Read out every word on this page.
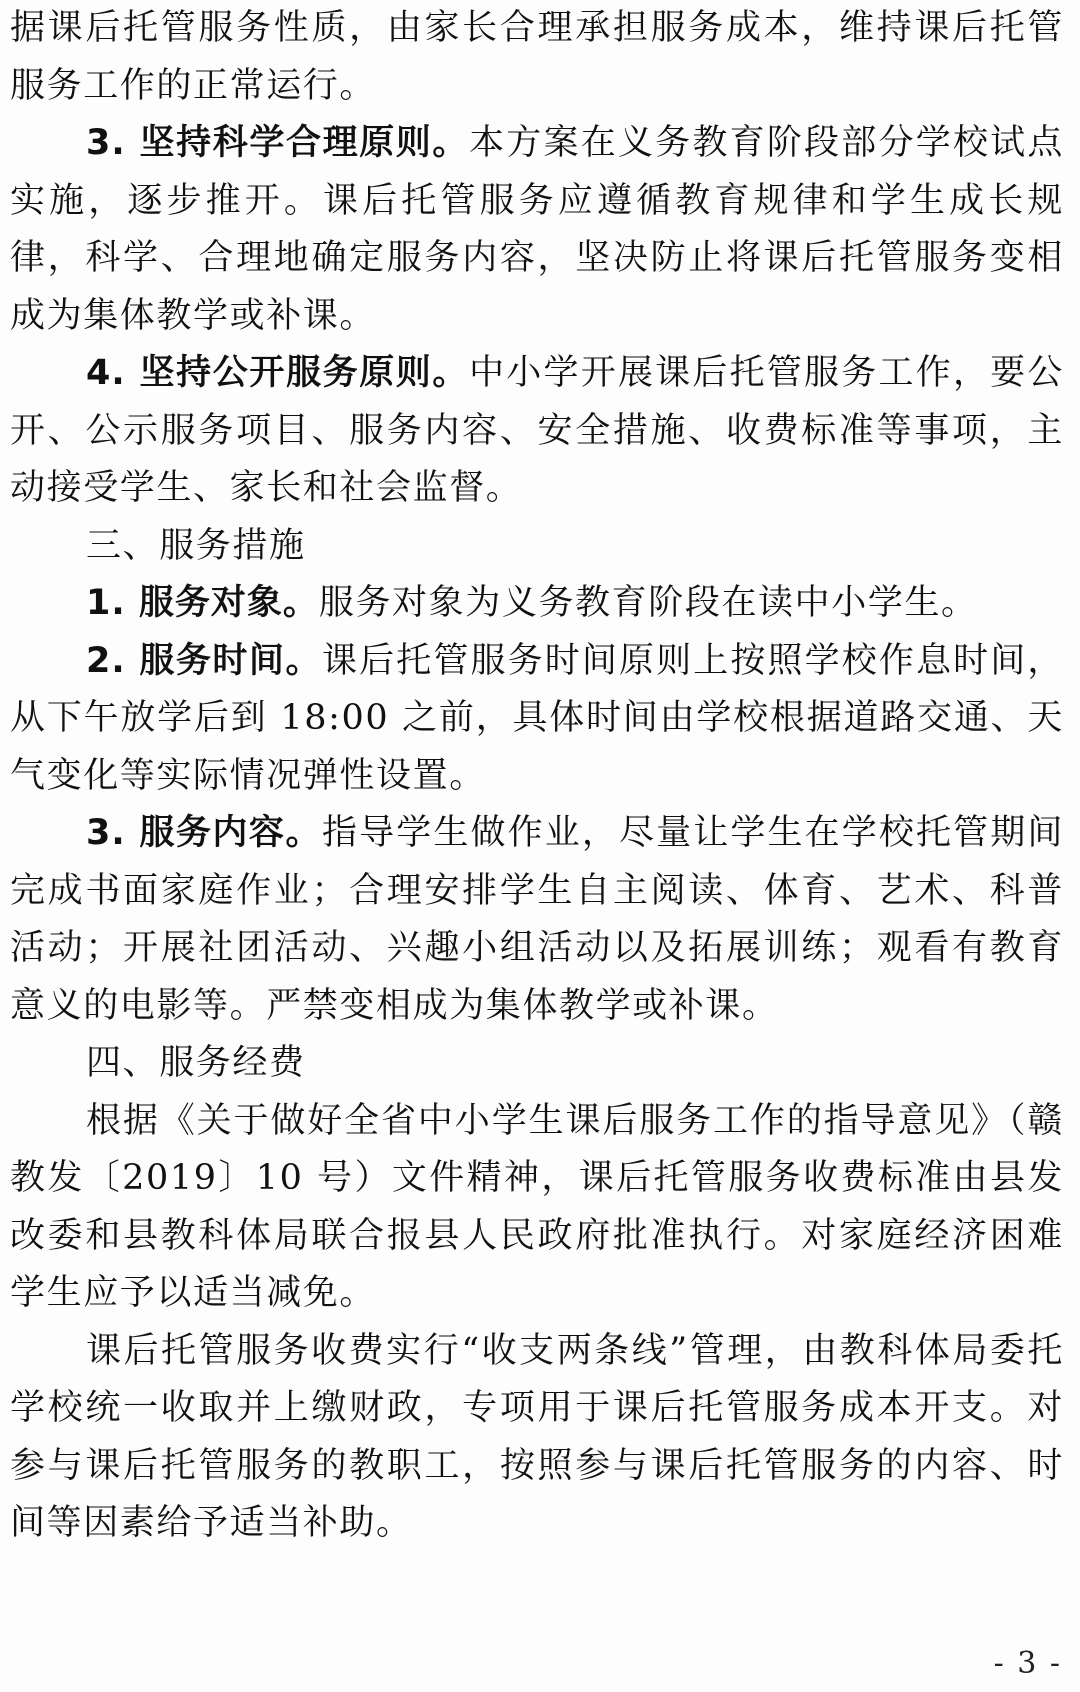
据课后托管服务性质，由家长合理承担服务成本，维持课后托管服务工作的正常运行。

3. 坚持科学合理原则。本方案在义务教育阶段部分学校试点实施，逐步推开。课后托管服务应遵循教育规律和学生成长规律，科学、合理地确定服务内容，坚决防止将课后托管服务变相成为集体教学或补课。

4. 坚持公开服务原则。中小学开展课后托管服务工作，要公开、公示服务项目、服务内容、安全措施、收费标准等事项，主动接受学生、家长和社会监督。

三、服务措施

1. 服务对象。服务对象为义务教育阶段在读中小学生。

2. 服务时间。课后托管服务时间原则上按照学校作息时间，从下午放学后到 18:00 之前，具体时间由学校根据道路交通、天气变化等实际情况弹性设置。

3. 服务内容。指导学生做作业，尽量让学生在学校托管期间完成书面家庭作业；合理安排学生自主阅读、体育、艺术、科普活动；开展社团活动、兴趣小组活动以及拓展训练；观看有教育意义的电影等。严禁变相成为集体教学或补课。

四、服务经费

根据《关于做好全省中小学生课后服务工作的指导意见》（赣教发〔2019〕10 号）文件精神，课后托管服务收费标准由县发改委和县教科体局联合报县人民政府批准执行。对家庭经济困难学生应予以适当减免。

课后托管服务收费实行“收支两条线”管理，由教科体局委托学校统一收取并上缴财政，专项用于课后托管服务成本开支。对参与课后托管服务的教职工，按照参与课后托管服务的内容、时间等因素给予适当补助。

- 3 -
